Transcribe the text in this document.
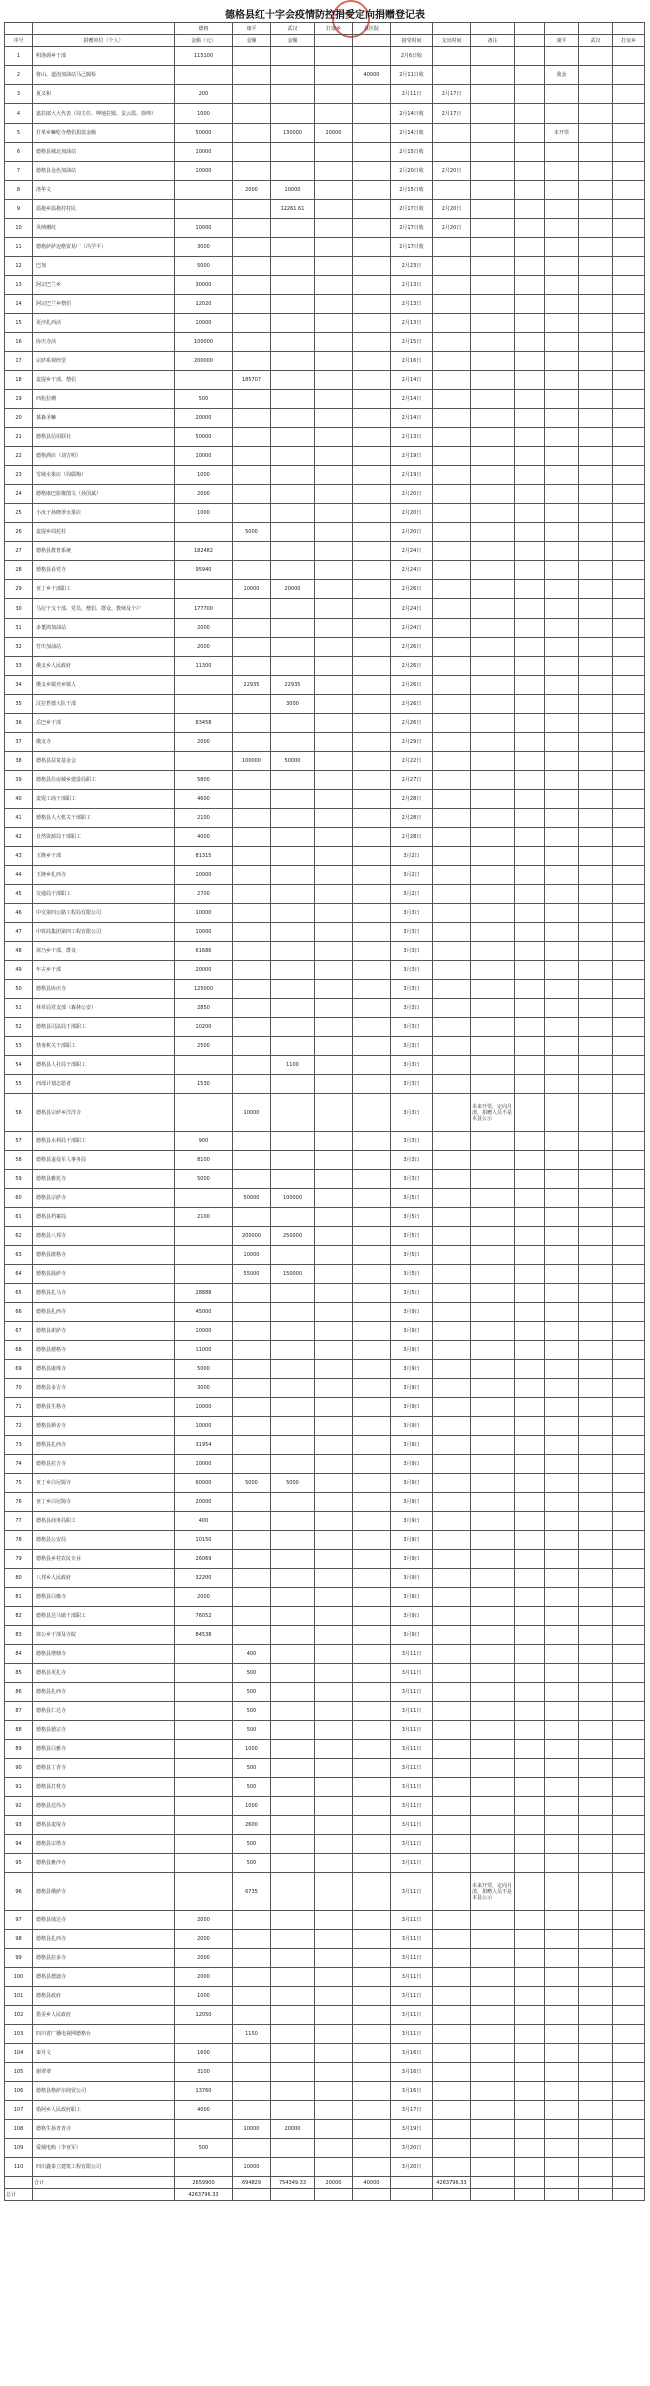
★
德格县红十字会疫情防控捐受定向捐赠登记表
		德格	康平	武汉	打谊乡	县医院							
序号	捐赠单位（个人）	金额（元）	金额	金额			接受时间	支出时间	备注		康平	武汉	打谊乡
1	明洛调乡干部	115100					2月6日收						
2	将山、道泡加油站马己醫检					40000	2月11日收				我金		
3	夏又和	200					2月11日	2月17日					
4	嘉拉郎大大代表（周主任、呷地拉姆、贡云霞、徐帅）	1000					2月14日收	2月17日					
5	打革乡嘛吃寺僧侣捐款金额	50000		130000	20000		2月14日收				未开票		
6	德格县城北加油站	10000					2月15日收						
7	德格县金色加油站	10000					2月20日收	2月20日					
8	洛华文		2000	10000			2月15日收						
9	温拖乡温拖村村民			12261.61			2月17日收	2月20日					
10	贝纳珊纹	10000					2月17日收	2月20日					
11	德格萨萨迈格贸易厂（冯学平）	3000					2月17日收						
12	巴加	5000					2月23日						
13	阿宗巴兰乡	30000					2月13日						
14	阿宗巴兰乡僧侣	12020					2月13日						
15	更沙扎西活	10000					2月13日						
16	协庆寺活	100000					2月15日						
17	宗萨系观经堂	200000					2月16日						
18	麦堤乡干部、僧侣		185707				2月14日						
19	西松拉珊	500					2月14日						
20	慕森圣嘛	20000					2月14日						
21	德格县信用联社	50000					2月13日						
22	德格酒店（刘吉明）	10000					2月19日						
23	雪域水果店（周儒梅）	1000					2月19日						
24	德格康巴影像图文（孙国斌）	2000					2月20日						
25	小汝子孙晓翠水果店	1000					2月20日						
26	麦堤乡周托村		5000				2月20日						
27	德格县教育系统	182482					2月24日						
28	德格县看党寺	95940					2月24日						
29	亚丁乡干部职工		10000	20000			2月26日						
30	马尼干戈干部、党员、僧侣、群众、教师及个户	177700					2月24日						
31	多董鸿加油站	2000					2月24日						
32	竹庆加油站	2000					2月26日						
33	俄支乡人民政府	11300					2月26日						
34	俄支乡镇充乡镇人		22935	22935			2月26日						
35	汶拉哲德大队干部			3000			2月26日						
36	岳巴乡干部	83458					2月26日						
37	俄支寺	2000					2月29日						
38	德格县扶贫基金会		100000	50000			2月22日						
39	德格县住房城乡建设局职工	5800					2月27日						
40	麦堤工商干部职工	4600					2月28日						
41	德格县人大机关干部职工	2100					2月28日						
42	自然资源局干部职工	4000					2月28日						
43	玉隆乡干部	81315					3月2日						
44	玉隆乡扎西寺	10000					3月2日						
45	交通局干部职工	2700					3月2日						
46	中交第四公路工程局有限公司	10000					3月3日						
47	中铁局集团第四工程有限公司	10000					3月3日						
48	窝乃乡干部、群众	61686					3月3日						
49	年古乡干部	20000					3月3日						
50	德格县协庆寺	125000					3月3日						
51	林草局党支部（森林公安）	2850					3月3日						
52	德格县司法局干部职工	10200					3月3日						
53	禁毒机关干部职工	2500					3月3日						
54	德格县人社局干部职工			1100			3月3日						
55	西部计划志愿者	1530					3月3日						
56	德格县宗萨乡洋洋寺		10000				3月3日		未来开票，定向月清，捐赠人员不是本县公示				
57	德格县水利局干部职工	900					3月3日						
58	德格县退役军人事务局	8100					3月3日						
59	德格县雅托寺	5000					3月3日						
60	德格县宗萨寺		50000	100000			3月5日						
61	德格县档案局	2100					3月5日						
62	德格县八邦寺		200000	250000			3月5日						
63	德格县歇格寺		10000				3月5日						
64	德格县温萨寺		55000	150000			3月5日						
65	德格县扎马寺	28888					3月5日						
66	德格县扎西寺	45000					3月9日						
67	德格县索萨寺	10000					3月9日						
68	德格县德格寺	11000					3月9日						
69	德格县康珠寺	5000					3月9日						
70	德格县多吉寺	3000					3月9日						
71	德格县生格寺	10000					3月9日						
72	德格县颜舍寺	10000					3月9日						
73	德格县扎西寺	31954					3月9日						
74	德格县拉吉寺	10000					3月9日						
75	亚丁乡白尼姆寺	60000	5000	5000			3月9日						
76	亚丁乡白尼姆寺	20000					3月9日						
77	德格县商务局职工	400					3月9日						
78	德格县公安局	10150					3月9日						
79	德格县乡村农民专业	26069					3月9日						
80	八邦乡人民政府	32200					3月9日						
81	德格县白橡寺	2000					3月9日						
82	德格县达马镇干部职工	76052					3月9日						
83	窝公乡干部及寺院	84538					3月9日						
84	德格县增塘寺		400				3月11日						
85	德格县更扎寺		500				3月11日						
86	德格县扎西寺		500				3月11日						
87	德格县仁达寺		500				3月11日						
88	德格县德宗寺		500				3月11日						
89	德格县白雅寺		1000				3月11日						
90	德格县丁青寺		500				3月11日						
91	德格县打枕寺		500				3月11日						
92	德格县达玛寺		1000				3月11日						
93	德格县麦堤寺		2600				3月11日						
94	德格县宗塔寺		500				3月11日						
95	德格县雅沙寺		500				3月11日						
96	德格县俄萨寺		6735				3月11日		未来开票，定向月清，捐赠人员不是本县公示				
97	德格县绒达寺	2000					3月11日						
98	德格县扎西寺	2000					3月11日						
99	德格县拉多寺	2000					3月11日						
100	德格县德迪寺	2000					3月11日						
101	德格县政府	1000					3月11日						
102	措美乡人民政府	12050					3月11日						
103	四川省广播电视网德格台		1150				3月11日						
104	秦丹文	1600					3月16日						
105	谢翠翠	3100					3月16日						
106	德格县格萨尔商贸公司	13760					3月16日						
107	错阿乡人民政府职工	4000					3月17日						
108	德格生孙青青寺		10000	20000			3月19日						
109	爱城电购（李亚军）	500					3月20日						
110	四川鑫泰立建筑工程有限公司		10000				3月20日						
	合计	2659900	694829	754349.33	20000	40000		4263796.33					
总计		4263796.33											
